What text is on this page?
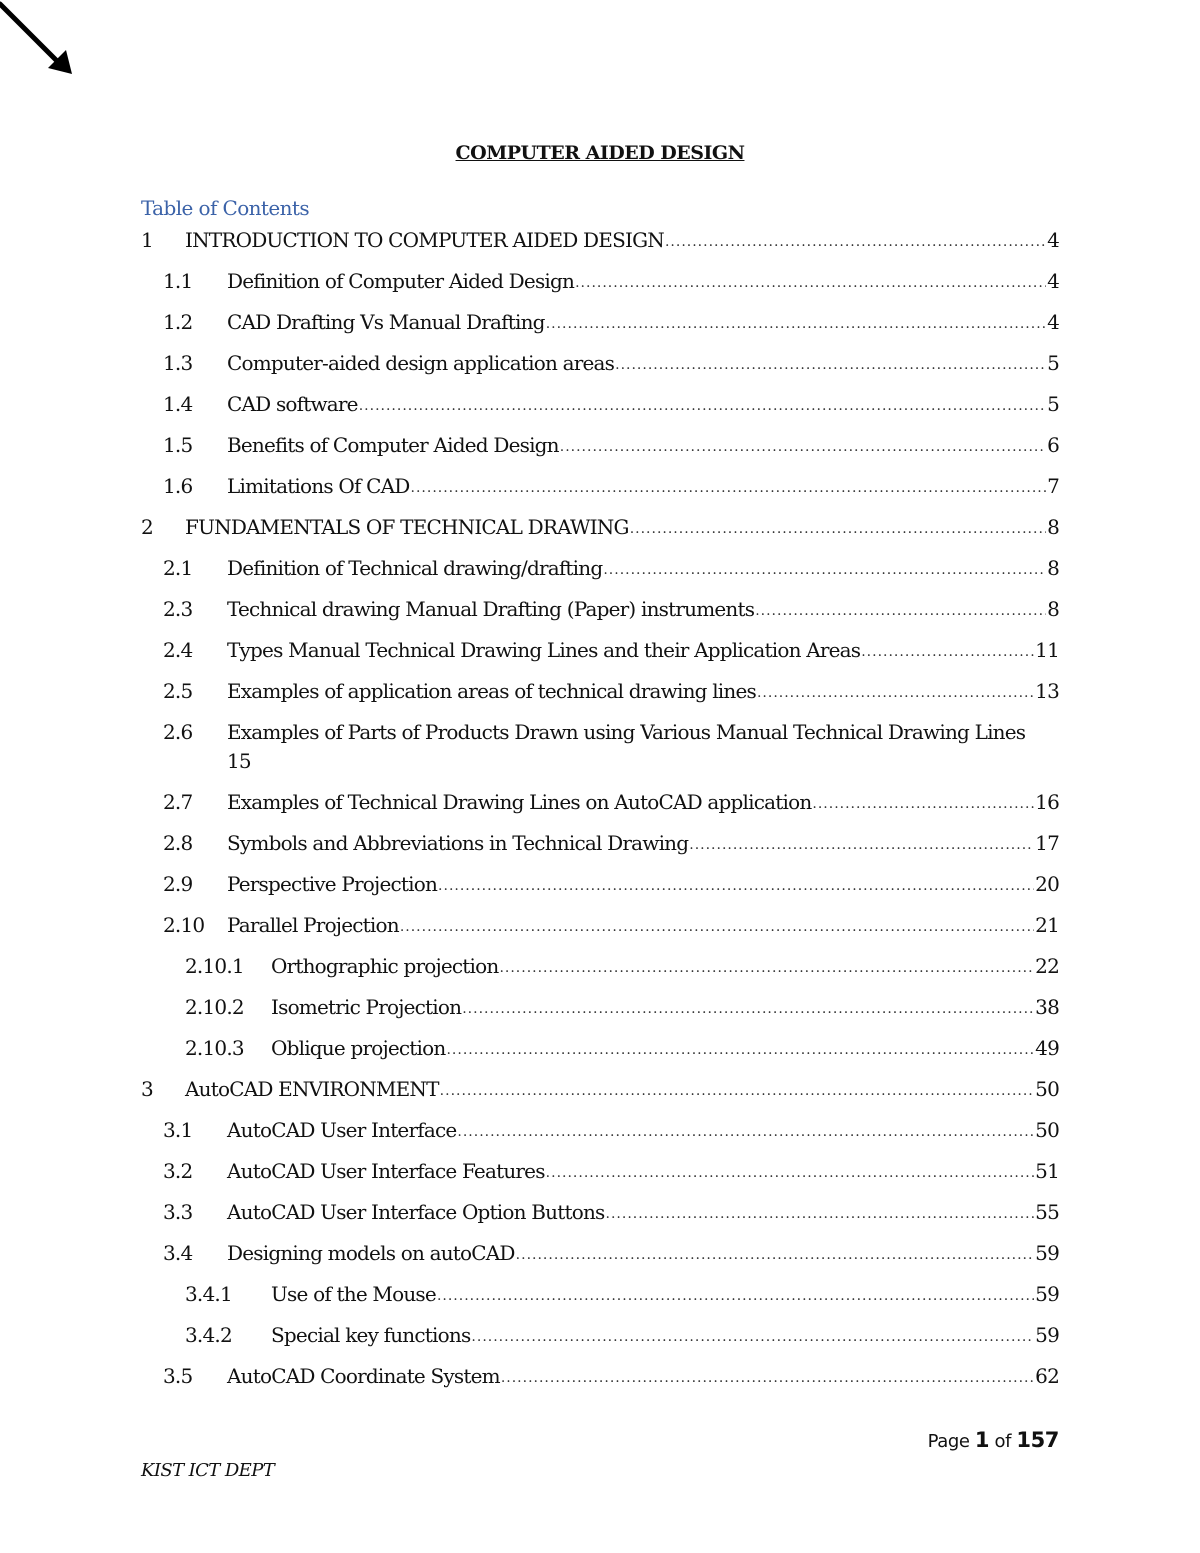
COMPUTER AIDED DESIGN
Table of Contents
1 INTRODUCTION TO COMPUTER AIDED DESIGN .....	4
1.1 Definition of Computer Aided Design .....	4
1.2 CAD Drafting Vs Manual Drafting .....	4
1.3 Computer-aided design application areas .....	5
1.4 CAD software .....	5
1.5 Benefits of Computer Aided Design .....	6
1.6 Limitations Of CAD .....	7
2 FUNDAMENTALS OF TECHNICAL DRAWING .....	8
2.1 Definition of Technical drawing/drafting .....	8
2.3 Technical drawing Manual Drafting (Paper) instruments .....	8
2.4 Types Manual Technical Drawing Lines and their Application Areas .....	11
2.5 Examples of application areas of technical drawing lines .....	13
2.6 Examples of Parts of Products Drawn using Various Manual Technical Drawing Lines
15
2.7 Examples of Technical Drawing Lines on AutoCAD application .....	16
2.8 Symbols and Abbreviations in Technical Drawing .....	17
2.9 Perspective Projection .....	20
2.10 Parallel Projection .....	21
2.10.1 Orthographic projection .....	22
2.10.2 Isometric Projection .....	38
2.10.3 Oblique projection .....	49
3 AutoCAD ENVIRONMENT .....	50
3.1 AutoCAD User Interface .....	50
3.2 AutoCAD User Interface Features .....	51
3.3 AutoCAD User Interface Option Buttons .....	55
3.4 Designing models on autoCAD .....	59
3.4.1 Use of the Mouse .....	59
3.4.2 Special key functions .....	59
3.5 AutoCAD Coordinate System .....	62
Page 1 of 157
KIST ICT DEPT
